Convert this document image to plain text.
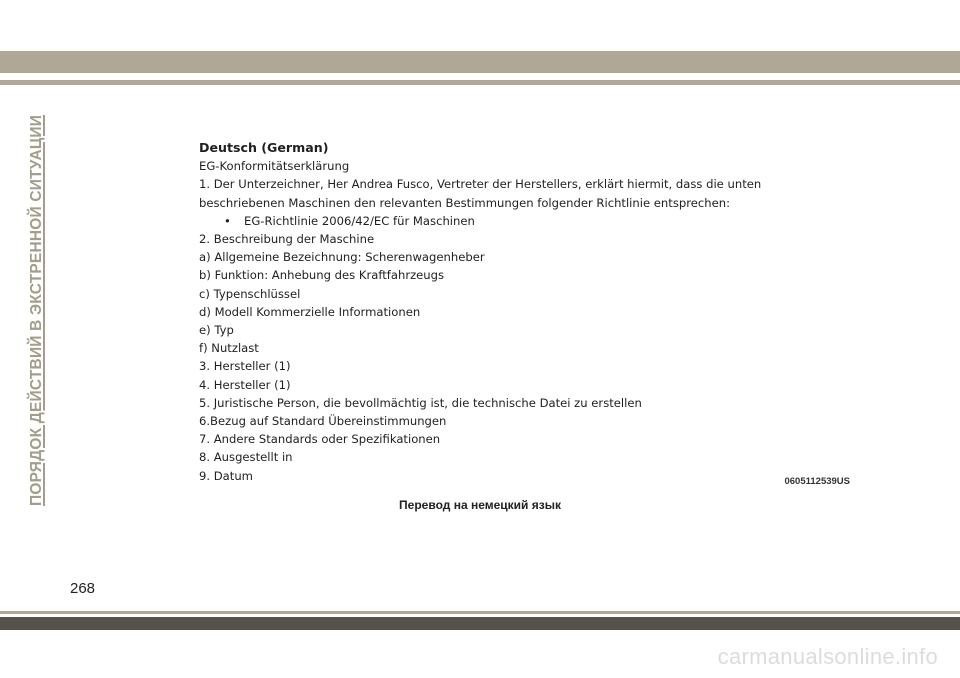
ПОРЯДОК ДЕЙСТВИЙ В ЭКСТРЕННОЙ СИТУАЦИИ	Deutsch (German)
EG-Konformitätserklärung
1. Der Unterzeichner, Her Andrea Fusco, Vertreter der Herstellers, erklärt hiermit, dass die unten
beschriebenen Maschinen den relevanten Bestimmungen folgender Richtlinie entsprechen:
• EG-Richtlinie 2006/42/EC für Maschinen
2. Beschreibung der Maschine
a) Allgemeine Bezeichnung: Scherenwagenheber
b) Funktion: Anhebung des Kraftfahrzeugs
c) Typenschlüssel
d) Modell Kommerzielle Informationen
e) Typ
f) Nutzlast
3. Hersteller (1)
4. Hersteller (1)
5. Juristische Person, die bevollmächtig ist, die technische Datei zu erstellen
6.Bezug auf Standard Übereinstimmungen
7. Andere Standards oder Spezifikationen
8. Ausgestellt in
9. Datum	0605112539US
Перевод на немецкий язык
268
carmanualsonline.info
